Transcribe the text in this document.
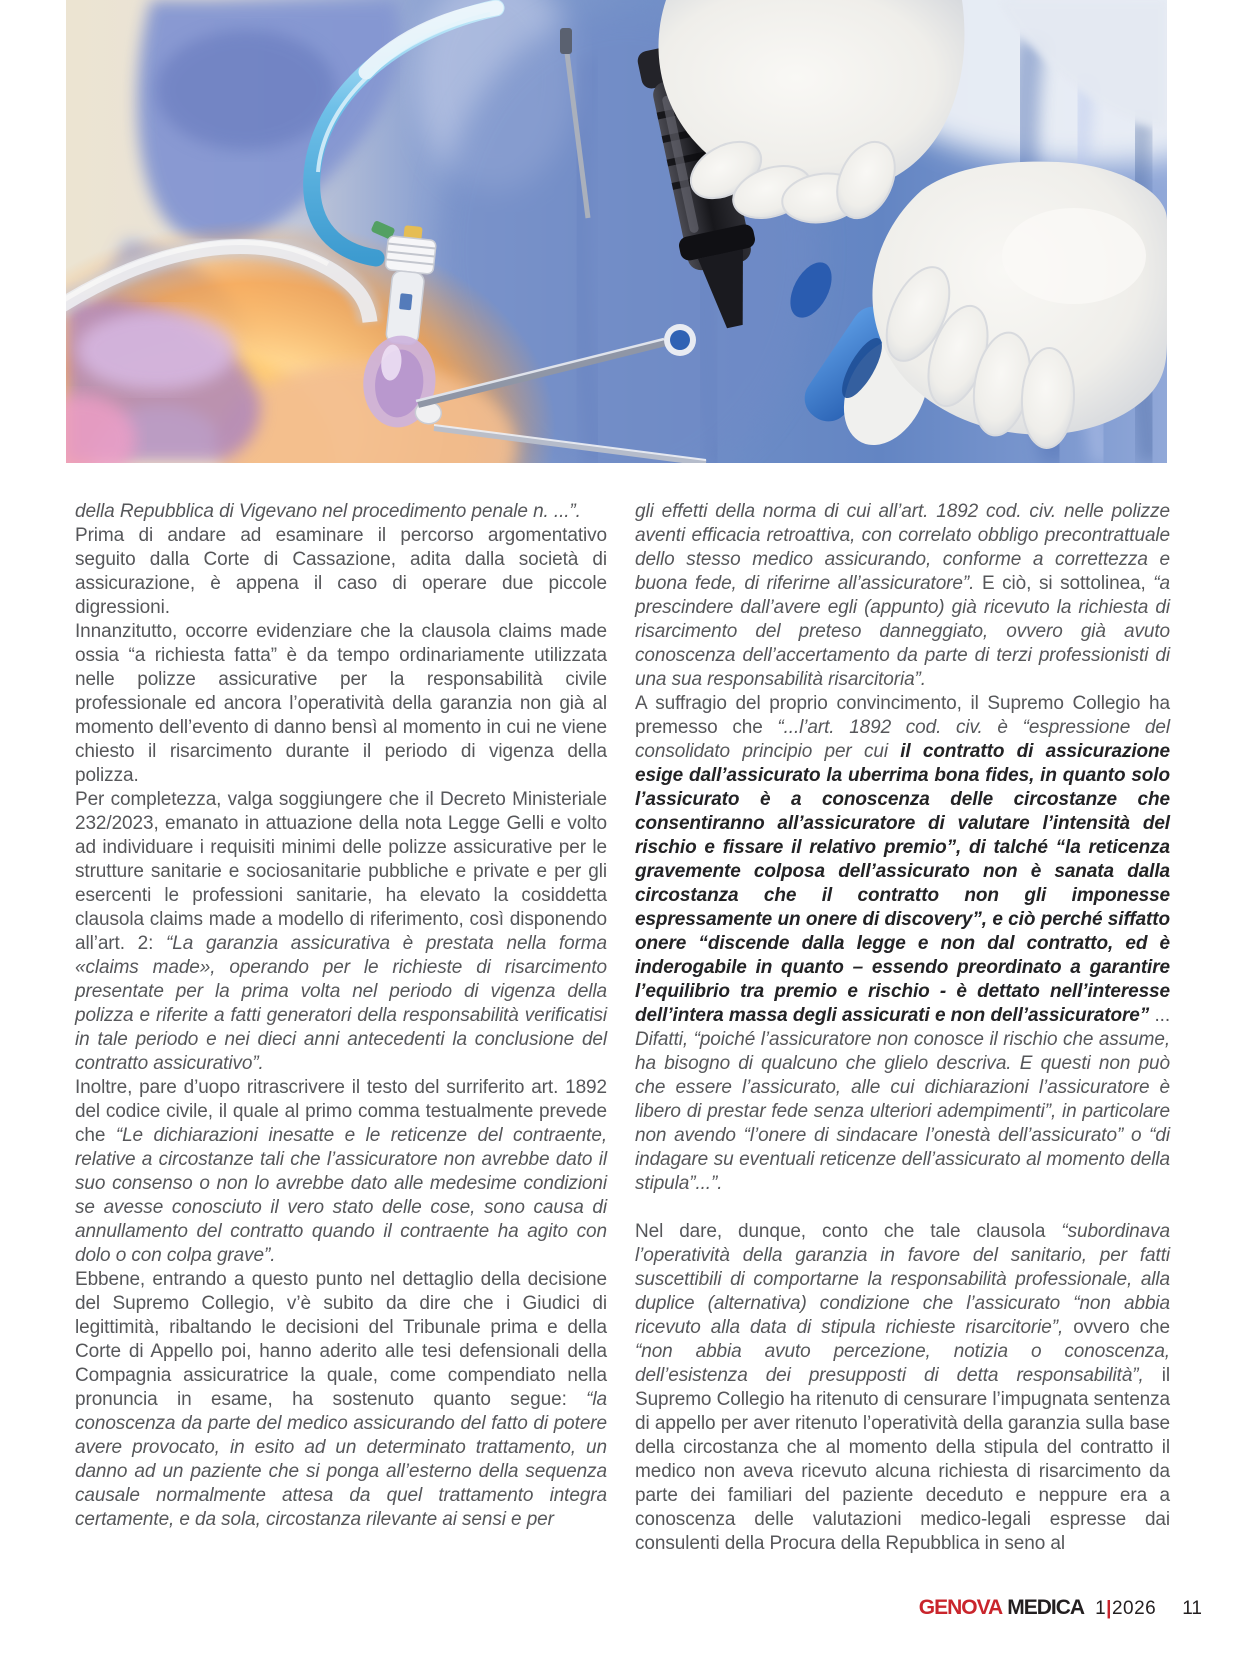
della Repubblica di Vigevano nel procedimento penale n. ...”.

Prima di andare ad esaminare il percorso argomentativo seguito dalla Corte di Cassazione, adita dalla società di assicurazione, è appena il caso di operare due piccole digressioni.

Innanzitutto, occorre evidenziare che la clausola claims made ossia “a richiesta fatta” è da tempo ordinariamente utilizzata nelle polizze assicurative per la responsabilità civile professionale ed ancora l’operatività della garanzia non già al momento dell’evento di danno bensì al momento in cui ne viene chiesto il risarcimento durante il periodo di vigenza della polizza.

Per completezza, valga soggiungere che il Decreto Ministeriale 232/2023, emanato in attuazione della nota Legge Gelli e volto ad individuare i requisiti minimi delle polizze assicurative per le strutture sanitarie e sociosanitarie pubbliche e private e per gli esercenti le professioni sanitarie, ha elevato la cosiddetta clausola claims made a modello di riferimento, così disponendo all’art. 2: “La garanzia assicurativa è prestata nella forma «claims made», operando per le richieste di risarcimento presentate per la prima volta nel periodo di vigenza della polizza e riferite a fatti generatori della responsabilità verificatisi in tale periodo e nei dieci anni antecedenti la conclusione del contratto assicurativo”.

Inoltre, pare d’uopo ritrascrivere il testo del surriferito art. 1892 del codice civile, il quale al primo comma testualmente prevede che “Le dichiarazioni inesatte e le reticenze del contraente, relative a circostanze tali che l’assicuratore non avrebbe dato il suo consenso o non lo avrebbe dato alle medesime condizioni se avesse conosciuto il vero stato delle cose, sono causa di annullamento del contratto quando il contraente ha agito con dolo o con colpa grave”.

Ebbene, entrando a questo punto nel dettaglio della decisione del Supremo Collegio, v’è subito da dire che i Giudici di legittimità, ribaltando le decisioni del Tribunale prima e della Corte di Appello poi, hanno aderito alle tesi defensionali della Compagnia assicuratrice la quale, come compendiato nella pronuncia in esame, ha sostenuto quanto segue: “la conoscenza da parte del medico assicurando del fatto di potere avere provocato, in esito ad un determinato trattamento, un danno ad un paziente che si ponga all’esterno della sequenza causale normalmente attesa da quel trattamento integra certamente, e da sola, circostanza rilevante ai sensi e per

gli effetti della norma di cui all’art. 1892 cod. civ. nelle polizze aventi efficacia retroattiva, con correlato obbligo precontrattuale dello stesso medico assicurando, conforme a correttezza e buona fede, di riferirne all’assicuratore”. E ciò, si sottolinea, “a prescindere dall’avere egli (appunto) già ricevuto la richiesta di risarcimento del preteso danneggiato, ovvero già avuto conoscenza dell’accertamento da parte di terzi professionisti di una sua responsabilità risarcitoria”.

A suffragio del proprio convincimento, il Supremo Collegio ha premesso che “...l’art. 1892 cod. civ. è “espressione del consolidato principio per cui il contratto di assicurazione esige dall’assicurato la uberrima bona fides, in quanto solo l’assicurato è a conoscenza delle circostanze che consentiranno all’assicuratore di valutare l’intensità del rischio e fissare il relativo premio”, di talché “la reticenza gravemente colposa dell’assicurato non è sanata dalla circostanza che il contratto non gli imponesse espressamente un onere di discovery”, e ciò perché siffatto onere “discende dalla legge e non dal contratto, ed è inderogabile in quanto – essendo preordinato a garantire l’equilibrio tra premio e rischio - è dettato nell’interesse dell’intera massa degli assicurati e non dell’assicuratore” ... Difatti, “poiché l’assicuratore non conosce il rischio che assume, ha bisogno di qualcuno che glielo descriva. E questi non può che essere l’assicurato, alle cui dichiarazioni l’assicuratore è libero di prestar fede senza ulteriori adempimenti”, in particolare non avendo “l’onere di sindacare l’onestà dell’assicurato” o “di indagare su eventuali reticenze dell’assicurato al momento della stipula”...”.

Nel dare, dunque, conto che tale clausola “subordinava l’operatività della garanzia in favore del sanitario, per fatti suscettibili di comportarne la responsabilità professionale, alla duplice (alternativa) condizione che l’assicurato “non abbia ricevuto alla data di stipula richieste risarcitorie”, ovvero che “non abbia avuto percezione, notizia o conoscenza, dell’esistenza dei presupposti di detta responsabilità”, il Supremo Collegio ha ritenuto di censurare l’impugnata sentenza di appello per aver ritenuto l’operatività della garanzia sulla base della circostanza che al momento della stipula del contratto il medico non aveva ricevuto alcuna richiesta di risarcimento da parte dei familiari del paziente deceduto e neppure era a conoscenza delle valutazioni medico-legali espresse dai consulenti della Procura della Repubblica in seno al

GENOVA MEDICA 1|2026 11
